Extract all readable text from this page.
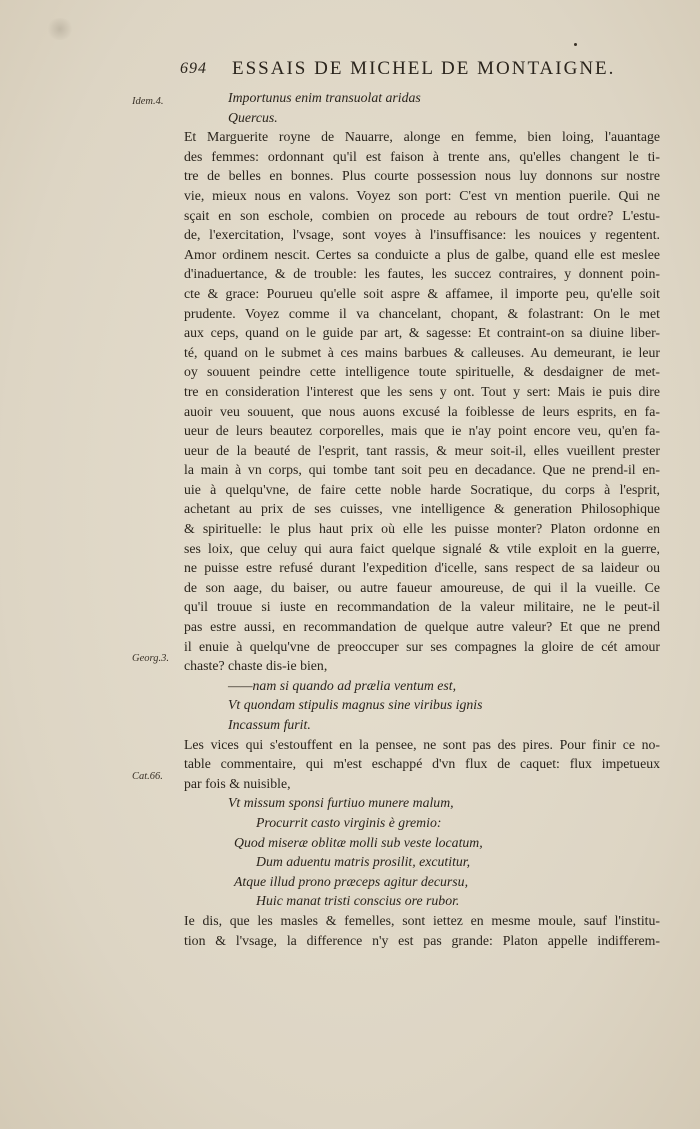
694 ESSAIS DE MICHEL DE MONTAIGNE.
Idem.4.
Georg.3.
Cat.66.
Importunus enim transuolat aridas
Quercus.
Et Marguerite royne de Nauarre, alonge en femme, bien loing, l'auantage
des femmes: ordonnant qu'il est faison à trente ans, qu'elles changent le ti-
tre de belles en bonnes. Plus courte possession nous luy donnons sur nostre
vie, mieux nous en valons. Voyez son port: C'est vn mention puerile. Qui ne
sçait en son eschole, combien on procede au rebours de tout ordre? L'estu-
de, l'exercitation, l'vsage, sont voyes à l'insuffisance: les nouices y regentent.
Amor ordinem nescit. Certes sa conduicte a plus de galbe, quand elle est meslee
d'inaduertance, & de trouble: les fautes, les succez contraires, y donnent poin-
cte & grace: Pourueu qu'elle soit aspre & affamee, il importe peu, qu'elle soit
prudente. Voyez comme il va chancelant, chopant, & folastrant: On le met
aux ceps, quand on le guide par art, & sagesse: Et contraint-on sa diuine liber-
té, quand on le submet à ces mains barbues & calleuses. Au demeurant, ie leur
oy souuent peindre cette intelligence toute spirituelle, & desdaigner de met-
tre en consideration l'interest que les sens y ont. Tout y sert: Mais ie puis dire
auoir veu souuent, que nous auons excusé la foiblesse de leurs esprits, en fa-
ueur de leurs beautez corporelles, mais que ie n'ay point encore veu, qu'en fa-
ueur de la beauté de l'esprit, tant rassis, & meur soit-il, elles vueillent prester
la main à vn corps, qui tombe tant soit peu en decadance. Que ne prend-il en-
uie à quelqu'vne, de faire cette noble harde Socratique, du corps à l'esprit,
achetant au prix de ses cuisses, vne intelligence & generation Philosophique
& spirituelle: le plus haut prix où elle les puisse monter? Platon ordonne en
ses loix, que celuy qui aura faict quelque signalé & vtile exploit en la guerre,
ne puisse estre refusé durant l'expedition d'icelle, sans respect de sa laideur ou
de son aage, du baiser, ou autre faueur amoureuse, de qui il la vueille. Ce
qu'il trouue si iuste en recommandation de la valeur militaire, ne le peut-il
pas estre aussi, en recommandation de quelque autre valeur? Et que ne prend
il enuie à quelqu'vne de preoccuper sur ses compagnes la gloire de cét amour
chaste? chaste dis-ie bien,
——nam si quando ad prælia ventum est,
Vt quondam stipulis magnus sine viribus ignis
Incassum furit.
Les vices qui s'estouffent en la pensee, ne sont pas des pires. Pour finir ce no-
table commentaire, qui m'est eschappé d'vn flux de caquet: flux impetueux
par fois & nuisible,
Vt missum sponsi furtiuo munere malum,
Procurrit casto virginis è gremio:
Quod miseræ oblitæ molli sub veste locatum,
Dum aduentu matris prosilit, excutitur,
Atque illud prono præceps agitur decursu,
Huic manat tristi conscius ore rubor.
Ie dis, que les masles & femelles, sont iettez en mesme moule, sauf l'institu-
tion & l'vsage, la difference n'y est pas grande: Platon appelle indifferem-
